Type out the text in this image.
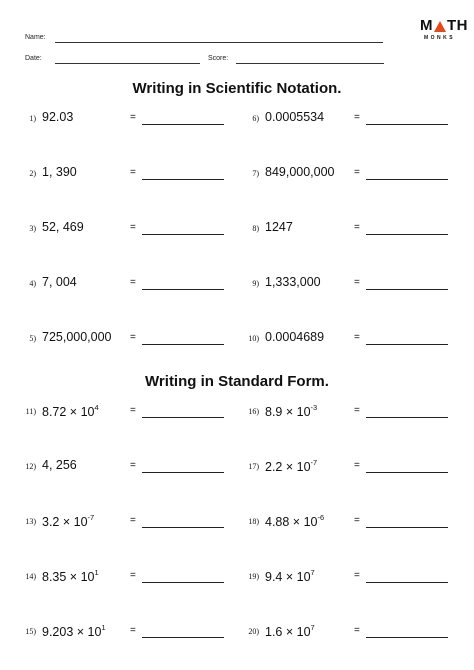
Name:
Date:	Score:
M TH
MONKS
Writing in Scientific Notation.
Writing in Standard Form.
1) 92.03	=
2) 1, 390	=
3) 52, 469	=
4) 7, 004	=
5) 725,000,000 =
6) 0.0005534	=
7) 849,000,000 =
8) 1247	=
9) 1,333,000	=
10) 0.0004689	=
11) $8.72 \times 10^4$	=
12) 4, 256	=
13) $3.2 \times 10^{-7}$	=
14) $8.35 \times 10^1$	=
15) $9.203 \times 10^1$ =
16) $8.9 \times 10^{-3}$	=
17) $2.2 \times 10^{-7}$	=
18) $4.88 \times 10^{-6}$	=
19) $9.4 \times 10^7$	=
20) $1.6 \times 10^7$	=
